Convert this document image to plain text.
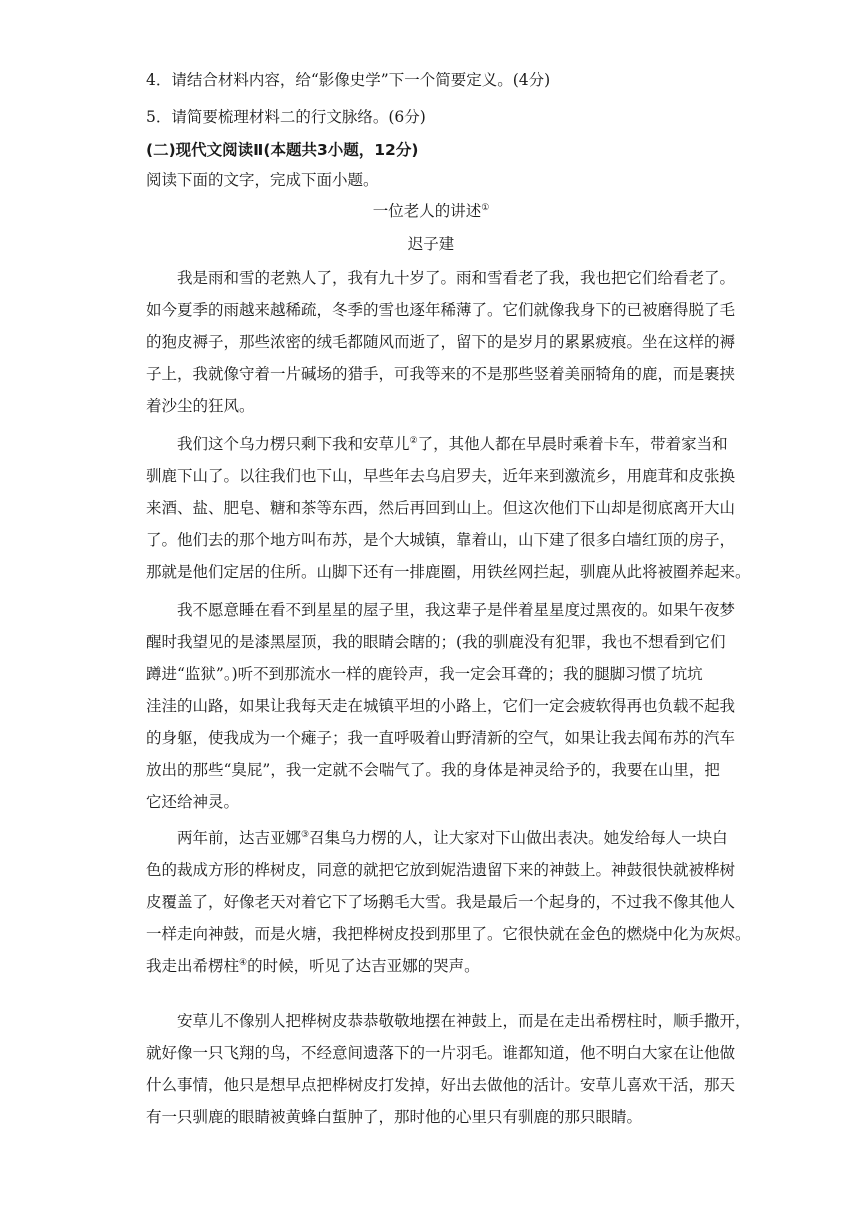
4．请结合材料内容，给“影像史学”下一个简要定义。(4分)
5．请简要梳理材料二的行文脉络。(6分)
(二)现代文阅读Ⅱ(本题共3小题，12分)
阅读下面的文字，完成下面小题。
一位老人的讲述①
迟子建
我是雨和雪的老熟人了，我有九十岁了。雨和雪看老了我，我也把它们给看老了。
如今夏季的雨越来越稀疏，冬季的雪也逐年稀薄了。它们就像我身下的已被磨得脱了毛
的狍皮褥子，那些浓密的绒毛都随风而逝了，留下的是岁月的累累疲痕。坐在这样的褥
子上，我就像守着一片碱场的猎手，可我等来的不是那些竖着美丽犄角的鹿，而是裹挟
着沙尘的狂风。
我们这个乌力楞只剩下我和安草儿②了，其他人都在早晨时乘着卡车，带着家当和
驯鹿下山了。以往我们也下山，早些年去乌启罗夫，近年来到激流乡，用鹿茸和皮张换
来酒、盐、肥皂、糖和茶等东西，然后再回到山上。但这次他们下山却是彻底离开大山
了。他们去的那个地方叫布苏，是个大城镇，靠着山，山下建了很多白墙红顶的房子，
那就是他们定居的住所。山脚下还有一排鹿圈，用铁丝网拦起，驯鹿从此将被圈养起来。
我不愿意睡在看不到星星的屋子里，我这辈子是伴着星星度过黑夜的。如果午夜梦
醒时我望见的是漆黑屋顶，我的眼睛会瞎的；(我的驯鹿没有犯罪，我也不想看到它们
蹲进“监狱”。)听不到那流水一样的鹿铃声，我一定会耳聋的；我的腿脚习惯了坑坑
洼洼的山路，如果让我每天走在城镇平坦的小路上，它们一定会疲软得再也负载不起我
的身躯，使我成为一个瘫子；我一直呼吸着山野清新的空气，如果让我去闻布苏的汽车
放出的那些“臭屁”，我一定就不会喘气了。我的身体是神灵给予的，我要在山里，把
它还给神灵。
两年前，达吉亚娜③召集乌力楞的人，让大家对下山做出表决。她发给每人一块白
色的裁成方形的桦树皮，同意的就把它放到妮浩遗留下来的神鼓上。神鼓很快就被桦树
皮覆盖了，好像老天对着它下了场鹅毛大雪。我是最后一个起身的，不过我不像其他人
一样走向神鼓，而是火塘，我把桦树皮投到那里了。它很快就在金色的燃烧中化为灰烬。
我走出希楞柱④的时候，听见了达吉亚娜的哭声。
安草儿不像别人把桦树皮恭恭敬敬地摆在神鼓上，而是在走出希楞柱时，顺手撒开，
就好像一只飞翔的鸟，不经意间遗落下的一片羽毛。谁都知道，他不明白大家在让他做
什么事情，他只是想早点把桦树皮打发掉，好出去做他的活计。安草儿喜欢干活，那天
有一只驯鹿的眼睛被黄蜂白蜇肿了，那时他的心里只有驯鹿的那只眼睛。
